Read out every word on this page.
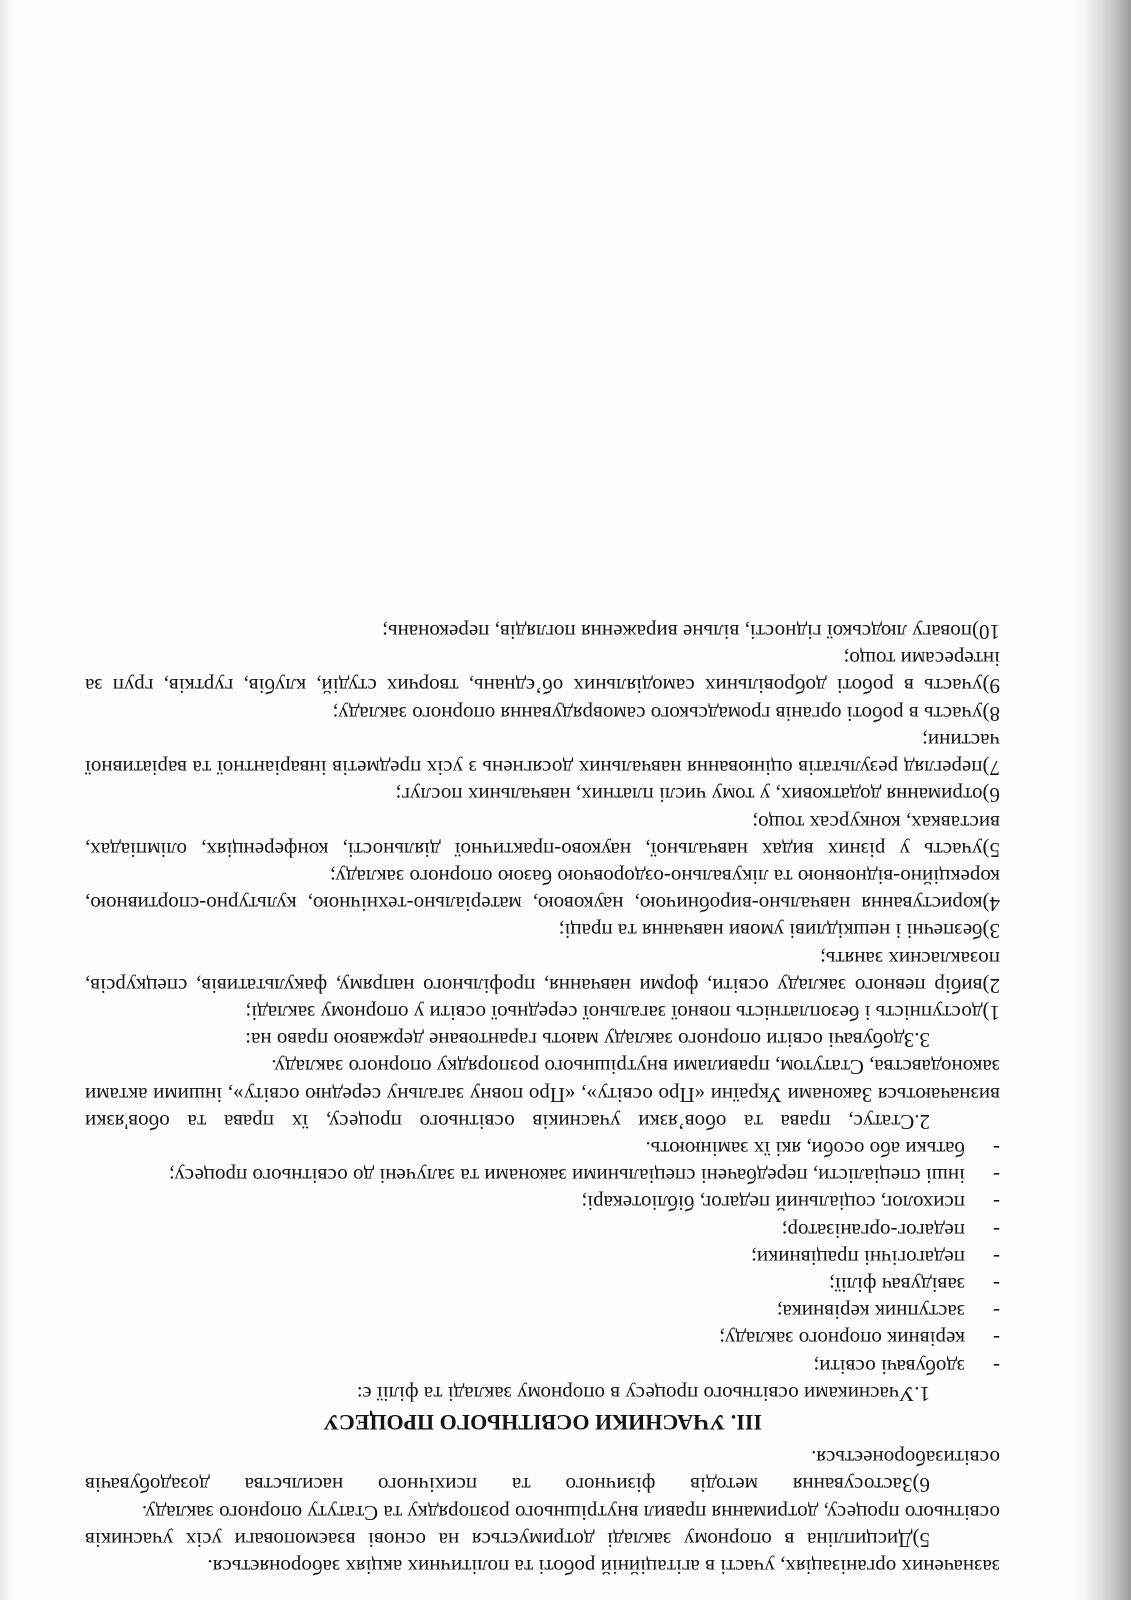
зазначених організаціях, участі в агітаційній роботі та політичних акціях забороняється.

5)Дисципліна в опорному закладі дотримується на основі взаємоповаги усіх учасників освітнього процесу, дотримання правил внутрішнього розпорядку та Статуту опорного закладу.

6)Застосування методів фізичного та психічного насильства дозадобувачів освітизаборонеється.

ІІІ. УЧАСНИКИ ОСВІТНЬОГО ПРОЦЕСУ

1.Учасниками освітнього процесу в опорному закладі та філії є:

-здобувачі освіти;

-керівник опорного закладу;

-заступник керівника;

-завідувач філії;

-педагогічні працівники;

-педагог-організатор;

-психолог, соціальний педагог, бібліотекарі;

-інші спеціалісти, передбачені спеціальними законами та залучені до освітнього процесу;

-батьки або особи, які їх замінюють.

2.Статус, права та обов’язки учасників освітнього процесу, їх права та обов'язки визначаються Законами України «Про освіту», «Про повну загальну середню освіту», іншими актами законодавства, Статутом, правилами внутрішнього розпорядку опорного закладу.

3.Здобувачі освіти опорного закладу мають гарантоване державою право на:

1)доступність і безоплатність повної загальної середньої освіти у опорному закладі;

2)вибір певного закладу освіти, форми навчання, профільного напряму, факультативів, спецкурсів, позакласних занять;

3)безпечні і нешкідливі умови навчання та праці;

4)користування навчально-виробничою, науковою, матеріально-технічною, культурно-спортивною, корекційно-відновною та лікувально-оздоровчою базою опорного закладу;

5)участь у різних видах навчальної, науково-практичної діяльності, конференціях, олімпіадах, виставках, конкурсах тощо;

6)отримання додаткових, у тому числі платних, навчальних послуг;

7)перегляд результатів оцінювання навчальних досягнень з усіх предметів інваріантної та варіативної частини;

8)участь в роботі органів громадського самоврядування опорного закладу;

9)участь в роботі добровільних самодіяльних об’єднань, творчих студій, клубів, гуртків, груп за інтересами тощо;

10)повагу людської гідності, вільне вираження поглядів, переконань;
